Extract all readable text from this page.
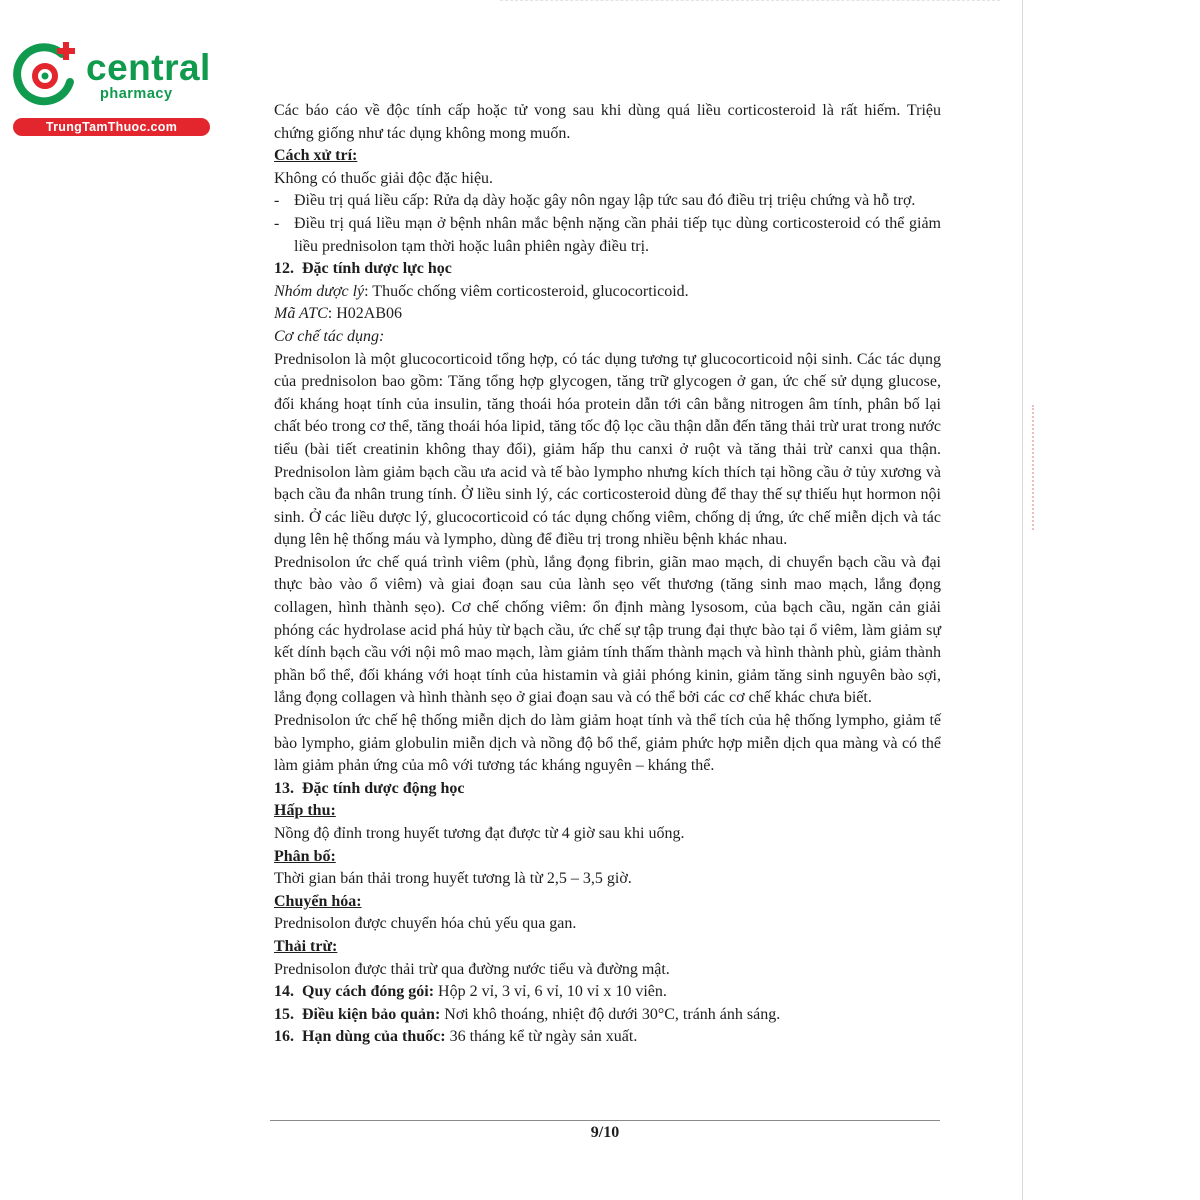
central
pharmacy
TrungTamThuoc.com
Các báo cáo về độc tính cấp hoặc tử vong sau khi dùng quá liều corticosteroid là rất hiếm. Triệu

chứng giống như tác dụng không mong muốn.

Cách xử trí:

Không có thuốc giải độc đặc hiệu.

- Điều trị quá liều cấp: Rửa dạ dày hoặc gây nôn ngay lập tức sau đó điều trị triệu chứng và hỗ trợ.
- Điều trị quá liều mạn ở bệnh nhân mắc bệnh nặng cần phải tiếp tục dùng corticosteroid có thể giảm liều prednisolon tạm thời hoặc luân phiên ngày điều trị.

12. Đặc tính dược lực học

Nhóm dược lý: Thuốc chống viêm corticosteroid, glucocorticoid.

Mã ATC: H02AB06

Cơ chế tác dụng:

Prednisolon là một glucocorticoid tổng hợp, có tác dụng tương tự glucocorticoid nội sinh. Các tác dụng của prednisolon bao gồm: Tăng tổng hợp glycogen, tăng trữ glycogen ở gan, ức chế sử dụng glucose, đối kháng hoạt tính của insulin, tăng thoái hóa protein dẫn tới cân bằng nitrogen âm tính, phân bố lại chất béo trong cơ thể, tăng thoái hóa lipid, tăng tốc độ lọc cầu thận dẫn đến tăng thải trừ urat trong nước tiểu (bài tiết creatinin không thay đổi), giảm hấp thu canxi ở ruột và tăng thải trừ canxi qua thận. Prednisolon làm giảm bạch cầu ưa acid và tế bào lympho nhưng kích thích tại hồng cầu ở tủy xương và bạch cầu đa nhân trung tính. Ở liều sinh lý, các corticosteroid dùng để thay thế sự thiếu hụt hormon nội sinh. Ở các liều dược lý, glucocorticoid có tác dụng chống viêm, chống dị ứng, ức chế miễn dịch và tác dụng lên hệ thống máu và lympho, dùng để điều trị trong nhiều bệnh khác nhau.

Prednisolon ức chế quá trình viêm (phù, lắng đọng fibrin, giãn mao mạch, di chuyển bạch cầu và đại thực bào vào ổ viêm) và giai đoạn sau của lành sẹo vết thương (tăng sinh mao mạch, lắng đọng collagen, hình thành sẹo). Cơ chế chống viêm: ổn định màng lysosom, của bạch cầu, ngăn cản giải phóng các hydrolase acid phá hủy từ bạch cầu, ức chế sự tập trung đại thực bào tại ổ viêm, làm giảm sự kết dính bạch cầu với nội mô mao mạch, làm giảm tính thấm thành mạch và hình thành phù, giảm thành phần bổ thể, đối kháng với hoạt tính của histamin và giải phóng kinin, giảm tăng sinh nguyên bào sợi, lắng đọng collagen và hình thành sẹo ở giai đoạn sau và có thể bởi các cơ chế khác chưa biết.

Prednisolon ức chế hệ thống miễn dịch do làm giảm hoạt tính và thể tích của hệ thống lympho, giảm tế bào lympho, giảm globulin miễn dịch và nồng độ bổ thể, giảm phức hợp miễn dịch qua màng và có thể làm giảm phản ứng của mô với tương tác kháng nguyên – kháng thể.

13. Đặc tính dược động học

Hấp thu:

Nồng độ đỉnh trong huyết tương đạt được từ 4 giờ sau khi uống.

Phân bố:

Thời gian bán thải trong huyết tương là từ 2,5 – 3,5 giờ.

Chuyển hóa:

Prednisolon được chuyển hóa chủ yếu qua gan.

Thải trừ:

Prednisolon được thải trừ qua đường nước tiểu và đường mật.

14. Quy cách đóng gói: Hộp 2 vỉ, 3 vỉ, 6 vỉ, 10 vỉ x 10 viên.

15. Điều kiện bảo quản: Nơi khô thoáng, nhiệt độ dưới 30°C, tránh ánh sáng.

16. Hạn dùng của thuốc: 36 tháng kể từ ngày sản xuất.

9/10
